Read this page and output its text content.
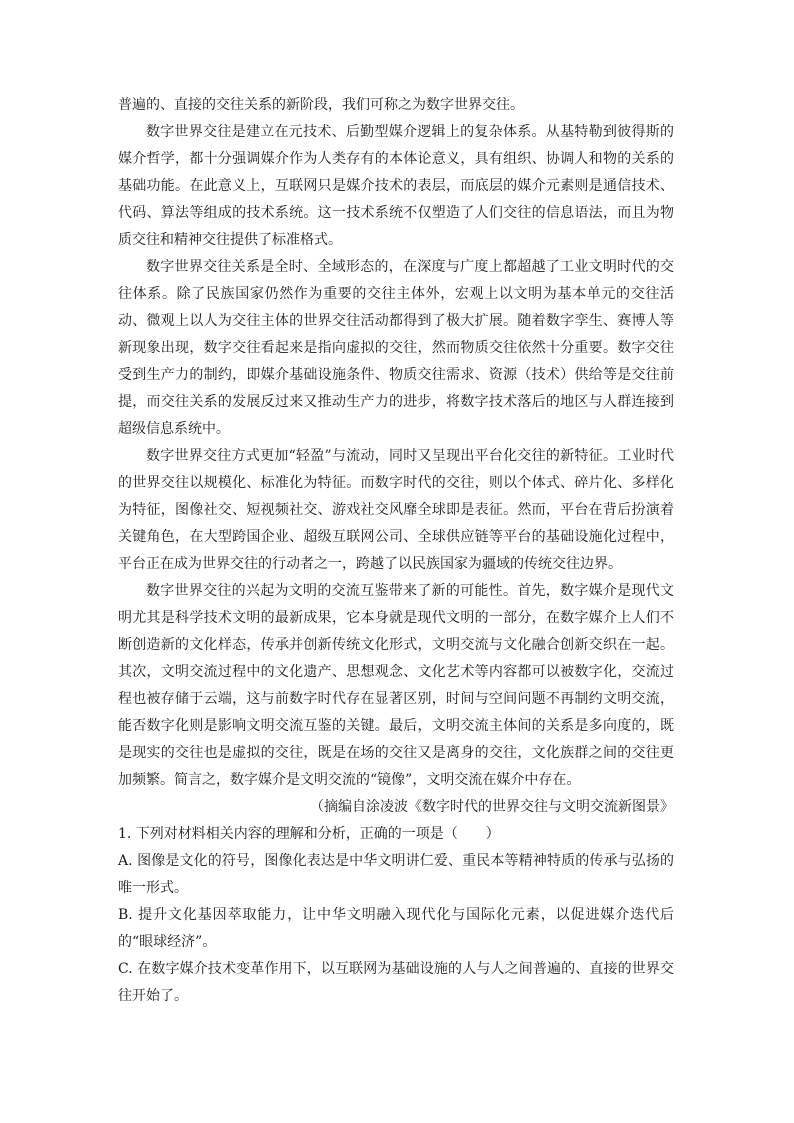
普遍的、直接的交往关系的新阶段，我们可称之为数字世界交往。

数字世界交往是建立在元技术、后勤型媒介逻辑上的复杂体系。从基特勒到彼得斯的媒介哲学，都十分强调媒介作为人类存有的本体论意义，具有组织、协调人和物的关系的基础功能。在此意义上，互联网只是媒介技术的表层，而底层的媒介元素则是通信技术、代码、算法等组成的技术系统。这一技术系统不仅塑造了人们交往的信息语法，而且为物质交往和精神交往提供了标准格式。

数字世界交往关系是全时、全域形态的，在深度与广度上都超越了工业文明时代的交往体系。除了民族国家仍然作为重要的交往主体外，宏观上以文明为基本单元的交往活动、微观上以人为交往主体的世界交往活动都得到了极大扩展。随着数字孪生、赛博人等新现象出现，数字交往看起来是指向虚拟的交往，然而物质交往依然十分重要。数字交往受到生产力的制约，即媒介基础设施条件、物质交往需求、资源（技术）供给等是交往前提，而交往关系的发展反过来又推动生产力的进步，将数字技术落后的地区与人群连接到超级信息系统中。

数字世界交往方式更加“轻盈”与流动，同时又呈现出平台化交往的新特征。工业时代的世界交往以规模化、标准化为特征。而数字时代的交往，则以个体式、碎片化、多样化为特征，图像社交、短视频社交、游戏社交风靡全球即是表征。然而，平台在背后扮演着关键角色，在大型跨国企业、超级互联网公司、全球供应链等平台的基础设施化过程中，平台正在成为世界交往的行动者之一，跨越了以民族国家为疆域的传统交往边界。

数字世界交往的兴起为文明的交流互鉴带来了新的可能性。首先，数字媒介是现代文明尤其是科学技术文明的最新成果，它本身就是现代文明的一部分，在数字媒介上人们不断创造新的文化样态，传承并创新传统文化形式，文明交流与文化融合创新交织在一起。其次，文明交流过程中的文化遗产、思想观念、文化艺术等内容都可以被数字化，交流过程也被存储于云端，这与前数字时代存在显著区别，时间与空间问题不再制约文明交流，能否数字化则是影响文明交流互鉴的关键。最后，文明交流主体间的关系是多向度的，既是现实的交往也是虚拟的交往，既是在场的交往又是离身的交往，文化族群之间的交往更加频繁。简言之，数字媒介是文明交流的“镜像”，文明交流在媒介中存在。

（摘编自涂凌波《数字时代的世界交往与文明交流新图景》

1. 下列对材料相关内容的理解和分析，正确的一项是（　　）

A. 图像是文化的符号，图像化表达是中华文明讲仁爱、重民本等精神特质的传承与弘扬的唯一形式。

B. 提升文化基因萃取能力，让中华文明融入现代化与国际化元素，以促进媒介迭代后的“眼球经济”。

C. 在数字媒介技术变革作用下，以互联网为基础设施的人与人之间普遍的、直接的世界交往开始了。
